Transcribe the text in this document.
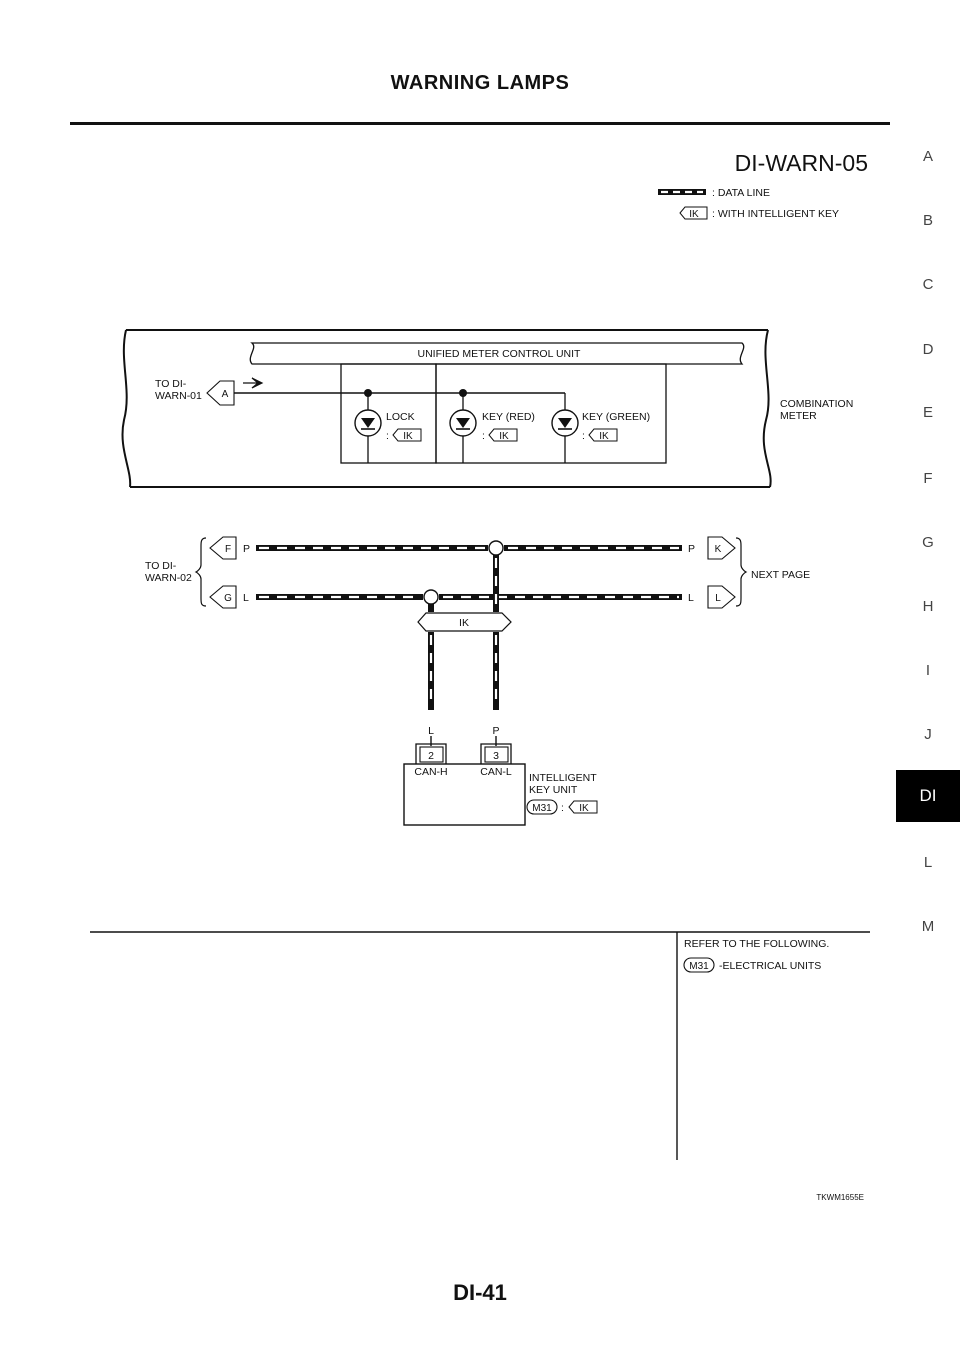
WARNING LAMPS
A
B
C
D
E
F
G
H
I
J
DI
L
M
DI-WARN-05
: DATA LINE
IK : WITH INTELLIGENT KEY
COMBINATION
METER
UNIFIED METER CONTROL UNIT
TO DI-
WARN-01 A
LOCK
: IK
KEY (RED)
: IK
KEY (GREEN)
: IK
TO DI-
WARN-02
F
G
P
L
IK
P
L
K
L
NEXT PAGE
L	P
2	3
CAN-H	CAN-L INTELLIGENT
KEY UNIT
M31 : IK
REFER TO THE FOLLOWING.
M31 -ELECTRICAL UNITS
TKWM1655E
DI-41
